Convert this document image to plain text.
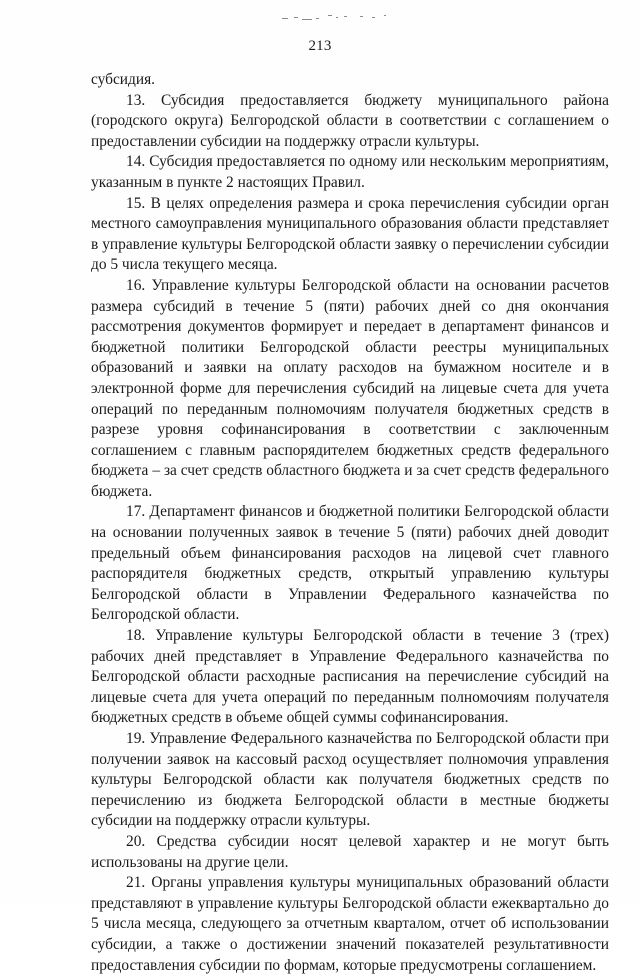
213

субсидия.

13. Субсидия предоставляется бюджету муниципального района (городского округа) Белгородской области в соответствии с соглашением о предоставлении субсидии на поддержку отрасли культуры.

14. Субсидия предоставляется по одному или нескольким мероприятиям, указанным в пункте 2 настоящих Правил.

15. В целях определения размера и срока перечисления субсидии орган местного самоуправления муниципального образования области представляет в управление культуры Белгородской области заявку о перечислении субсидии до 5 числа текущего месяца.

16. Управление культуры Белгородской области на основании расчетов размера субсидий в течение 5 (пяти) рабочих дней со дня окончания рассмотрения документов формирует и передает в департамент финансов и бюджетной политики Белгородской области реестры муниципальных образований и заявки на оплату расходов на бумажном носителе и в электронной форме для перечисления субсидий на лицевые счета для учета операций по переданным полномочиям получателя бюджетных средств в разрезе уровня софинансирования в соответствии с заключенным соглашением с главным распорядителем бюджетных средств федерального бюджета – за счет средств областного бюджета и за счет средств федерального бюджета.

17. Департамент финансов и бюджетной политики Белгородской области на основании полученных заявок в течение 5 (пяти) рабочих дней доводит предельный объем финансирования расходов на лицевой счет главного распорядителя бюджетных средств, открытый управлению культуры Белгородской области в Управлении Федерального казначейства по Белгородской области.

18. Управление культуры Белгородской области в течение 3 (трех) рабочих дней представляет в Управление Федерального казначейства по Белгородской области расходные расписания на перечисление субсидий на лицевые счета для учета операций по переданным полномочиям получателя бюджетных средств в объеме общей суммы софинансирования.

19. Управление Федерального казначейства по Белгородской области при получении заявок на кассовый расход осуществляет полномочия управления культуры Белгородской области как получателя бюджетных средств по перечислению из бюджета Белгородской области в местные бюджеты субсидии на поддержку отрасли культуры.

20. Средства субсидии носят целевой характер и не могут быть использованы на другие цели.

21. Органы управления культуры муниципальных образований области представляют в управление культуры Белгородской области ежеквартально до 5 числа месяца, следующего за отчетным кварталом, отчет об использовании субсидии, а также о достижении значений показателей результативности предоставления субсидии по формам, которые предусмотрены соглашением.
